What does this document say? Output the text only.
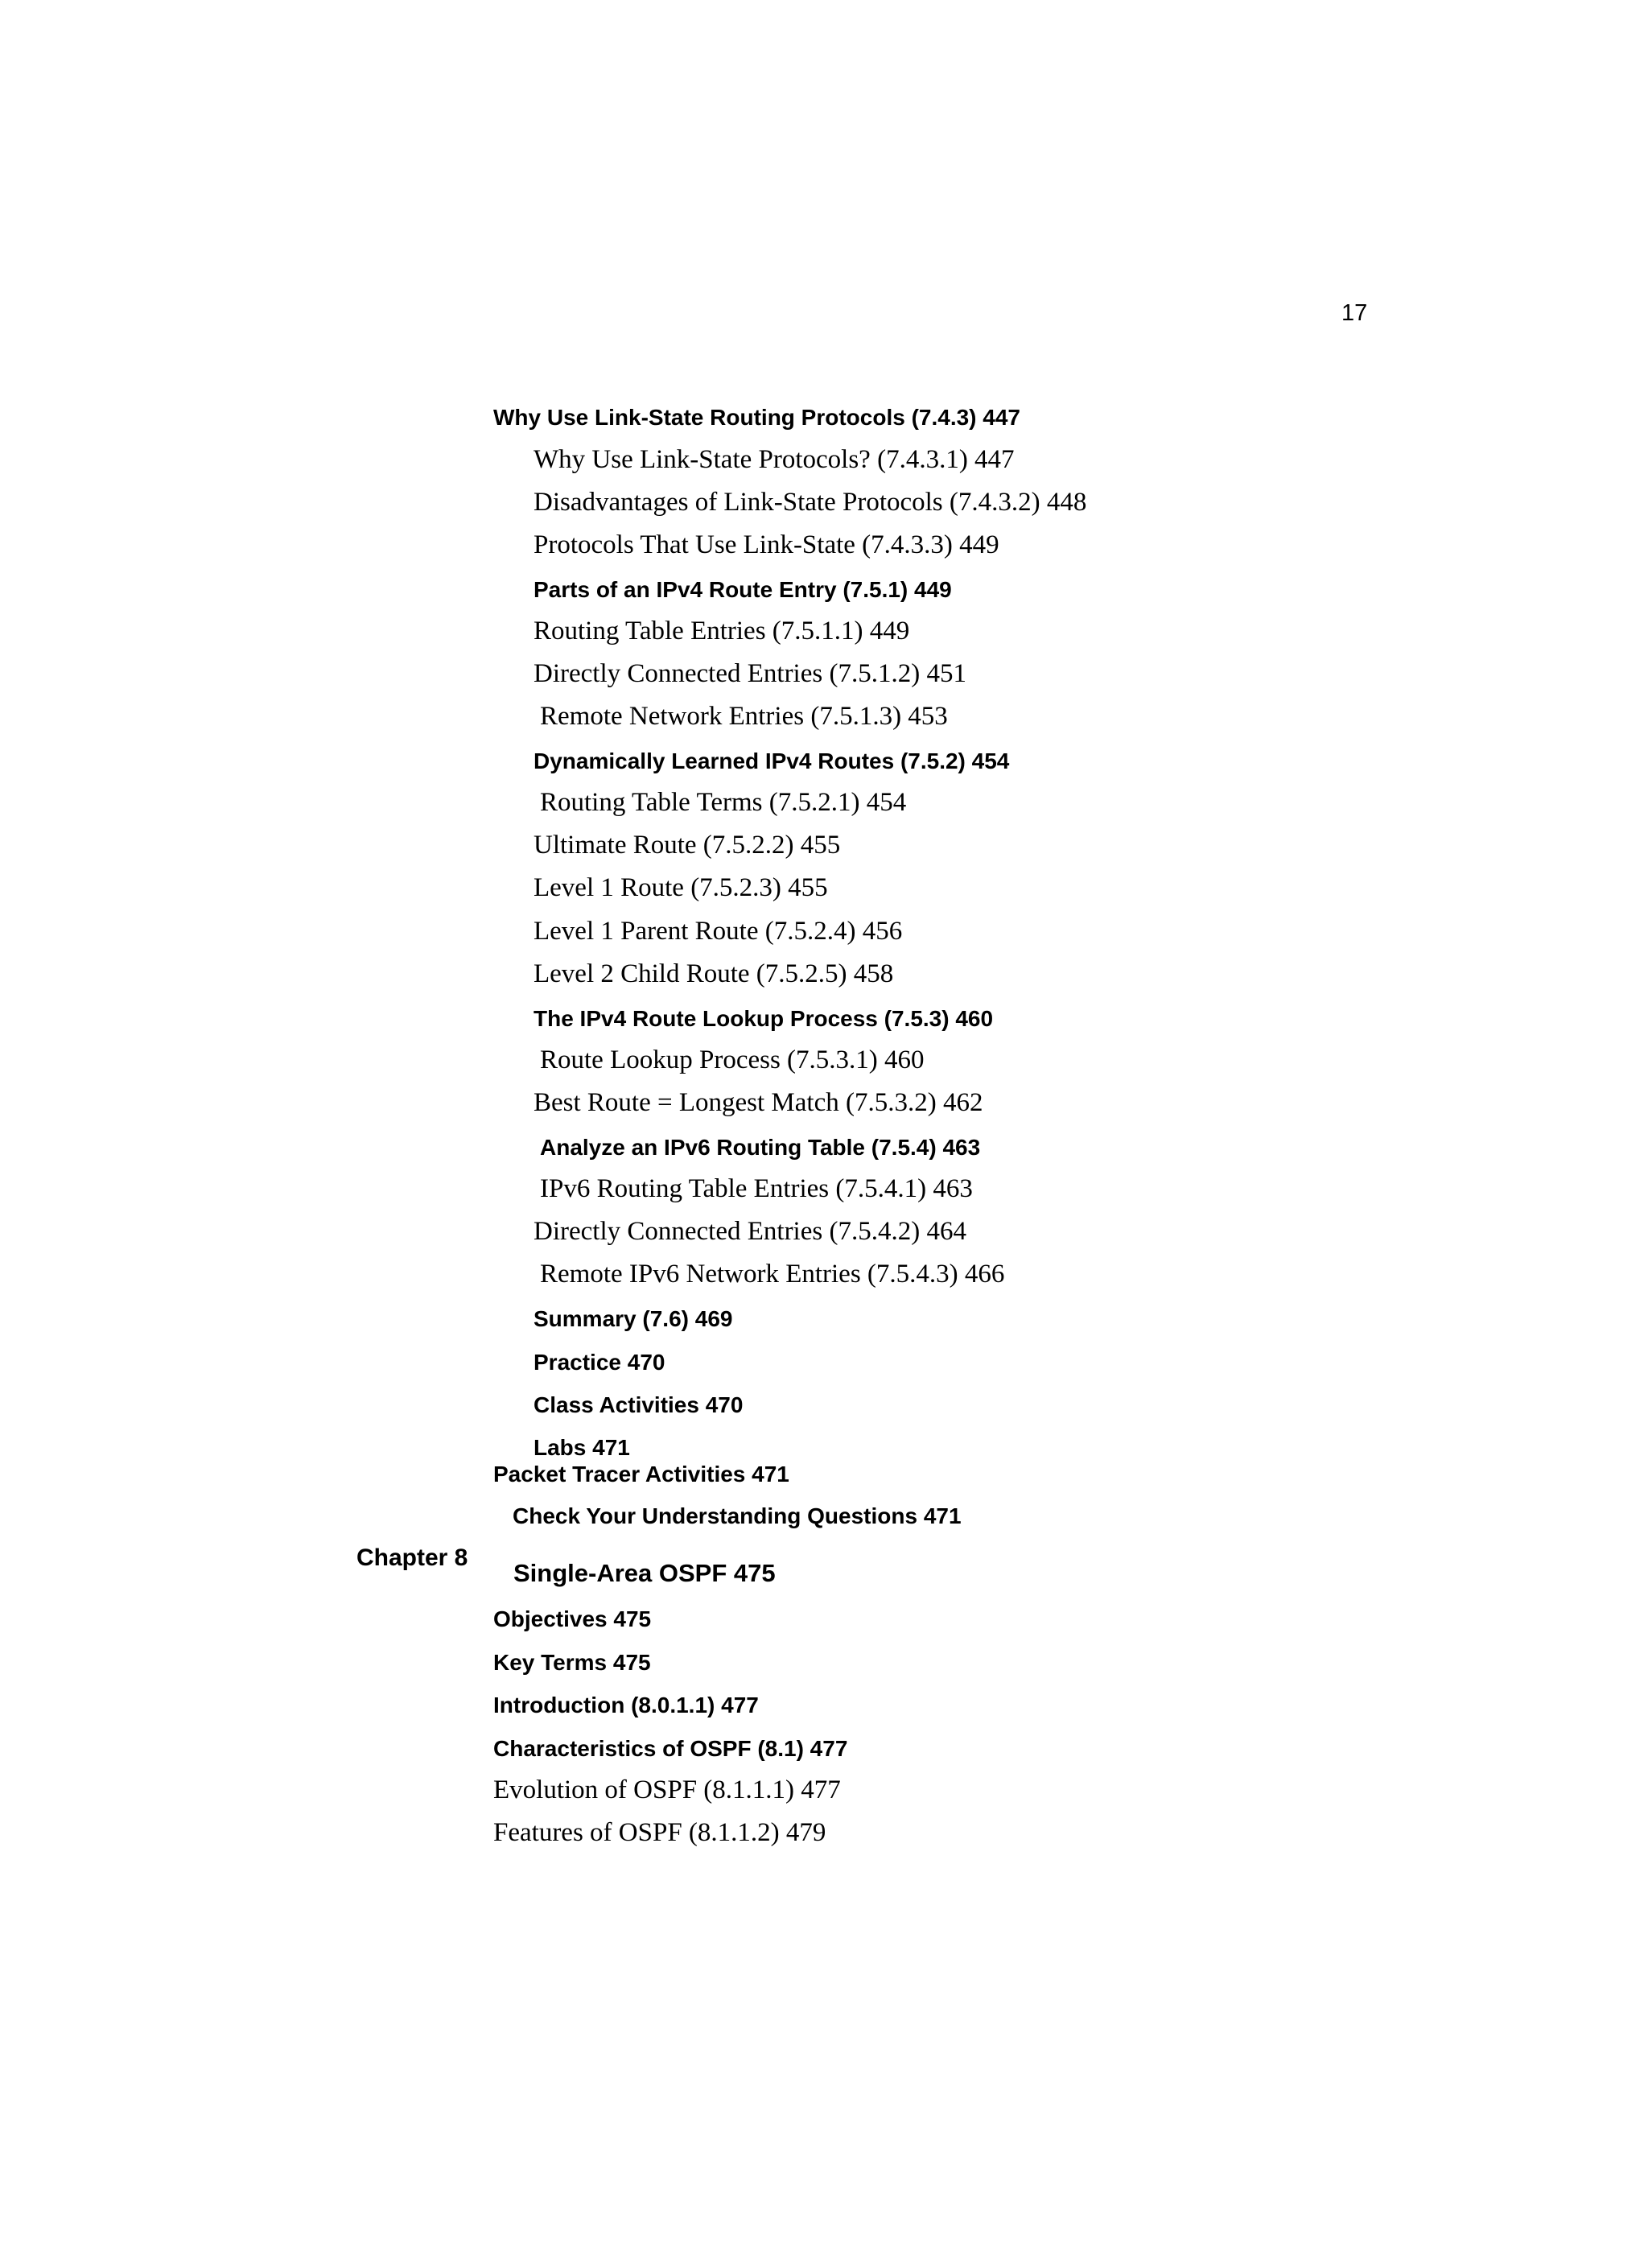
17
Why Use Link-State Routing Protocols (7.4.3) 447
Why Use Link-State Protocols? (7.4.3.1) 447
Disadvantages of Link-State Protocols (7.4.3.2) 448
Protocols That Use Link-State (7.4.3.3) 449
Parts of an IPv4 Route Entry (7.5.1) 449
Routing Table Entries (7.5.1.1) 449
Directly Connected Entries (7.5.1.2) 451
Remote Network Entries (7.5.1.3) 453
Dynamically Learned IPv4 Routes (7.5.2) 454
Routing Table Terms (7.5.2.1) 454
Ultimate Route (7.5.2.2) 455
Level 1 Route (7.5.2.3) 455
Level 1 Parent Route (7.5.2.4) 456
Level 2 Child Route (7.5.2.5) 458
The IPv4 Route Lookup Process (7.5.3) 460
Route Lookup Process (7.5.3.1) 460
Best Route = Longest Match (7.5.3.2) 462
Analyze an IPv6 Routing Table (7.5.4) 463
IPv6 Routing Table Entries (7.5.4.1) 463
Directly Connected Entries (7.5.4.2) 464
Remote IPv6 Network Entries (7.5.4.3) 466
Summary (7.6) 469
Practice 470
Class Activities 470
Labs 471
Packet Tracer Activities 471
Check Your Understanding Questions 471
Chapter 8
Single-Area OSPF 475
Objectives 475
Key Terms 475
Introduction (8.0.1.1) 477
Characteristics of OSPF (8.1) 477
Evolution of OSPF (8.1.1.1) 477
Features of OSPF (8.1.1.2) 479
